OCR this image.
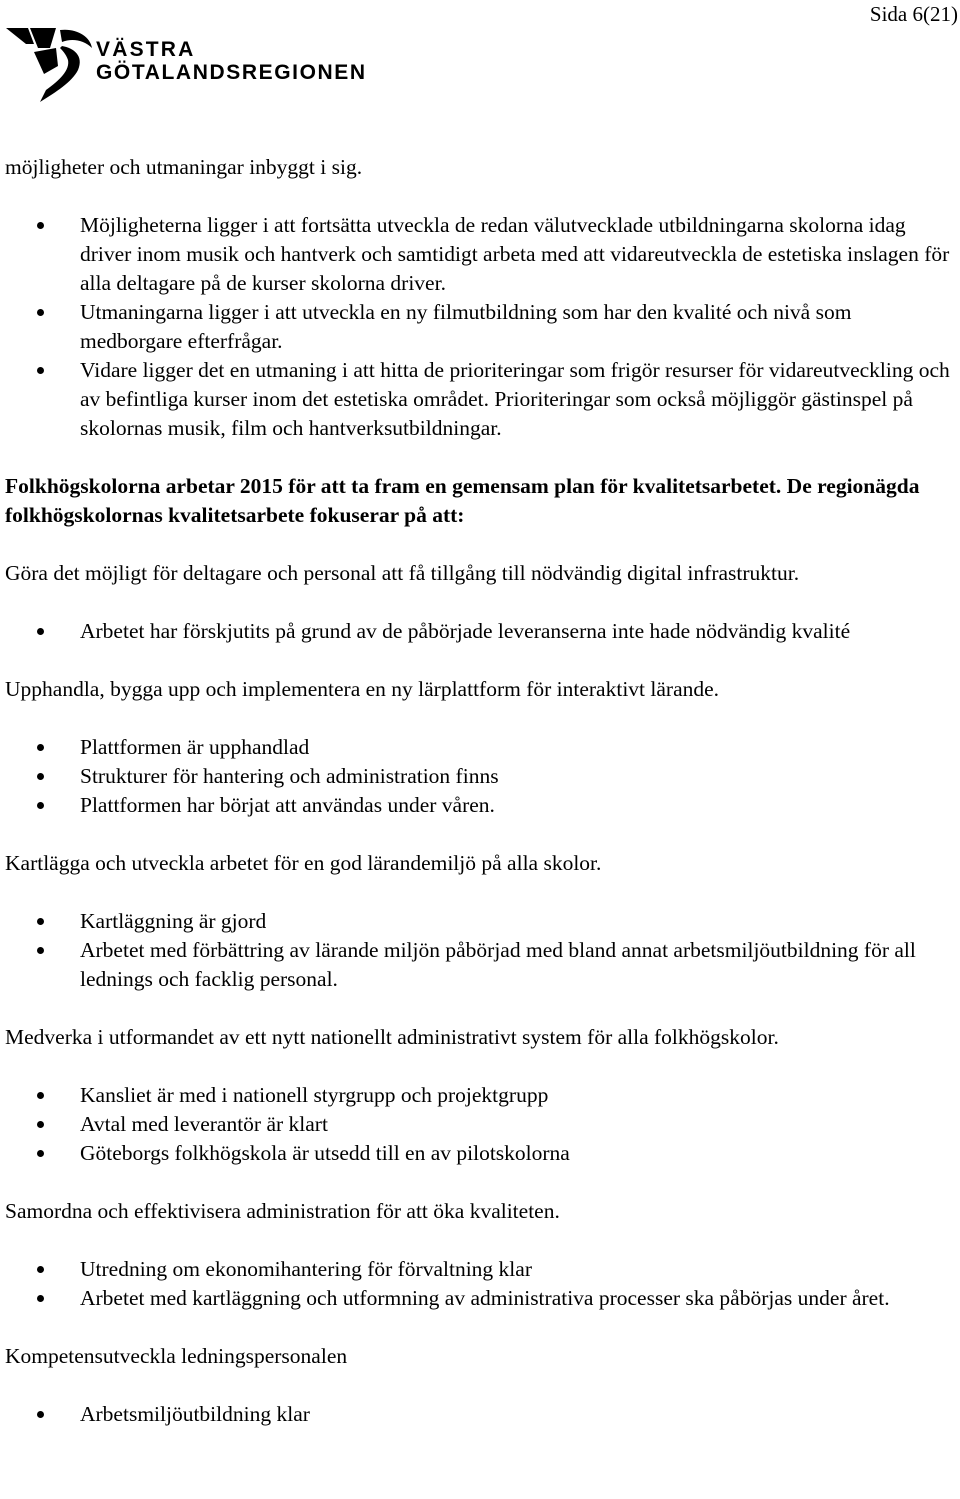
Sida 6(21)
VÄSTRA
GÖTALANDSREGIONEN

möjligheter och utmaningar inbyggt i sig.

Möjligheterna ligger i att fortsätta utveckla de redan välutvecklade utbildningarna skolorna idag driver inom musik och hantverk och samtidigt arbeta med att vidareutveckla de estetiska inslagen för alla deltagare på de kurser skolorna driver.
Utmaningarna ligger i att utveckla en ny filmutbildning som har den kvalité och nivå som medborgare efterfrågar.
Vidare ligger det en utmaning i att hitta de prioriteringar som frigör resurser för vidareutveckling och av befintliga kurser inom det estetiska området. Prioriteringar som också möjliggör gästinspel på skolornas musik, film och hantverksutbildningar.

Folkhögskolorna arbetar 2015 för att ta fram en gemensam plan för kvalitetsarbetet. De regionägda folkhögskolornas kvalitetsarbete fokuserar på att:

Göra det möjligt för deltagare och personal att få tillgång till nödvändig digital infrastruktur.

Arbetet har förskjutits på grund av de påbörjade leveranserna inte hade nödvändig kvalité

Upphandla, bygga upp och implementera en ny lärplattform för interaktivt lärande.

Plattformen är upphandlad
Strukturer för hantering och administration finns
Plattformen har börjat att användas under våren.

Kartlägga och utveckla arbetet för en god lärandemiljö på alla skolor.

Kartläggning är gjord
Arbetet med förbättring av lärande miljön påbörjad med bland annat arbetsmiljöutbildning för all lednings och facklig personal.

Medverka i utformandet av ett nytt nationellt administrativt system för alla folkhögskolor.

Kansliet är med i nationell styrgrupp och projektgrupp
Avtal med leverantör är klart
Göteborgs folkhögskola är utsedd till en av pilotskolorna

Samordna och effektivisera administration för att öka kvaliteten.

Utredning om ekonomihantering för förvaltning klar
Arbetet med kartläggning och utformning av administrativa processer ska påbörjas under året.

Kompetensutveckla ledningspersonalen

Arbetsmiljöutbildning klar
